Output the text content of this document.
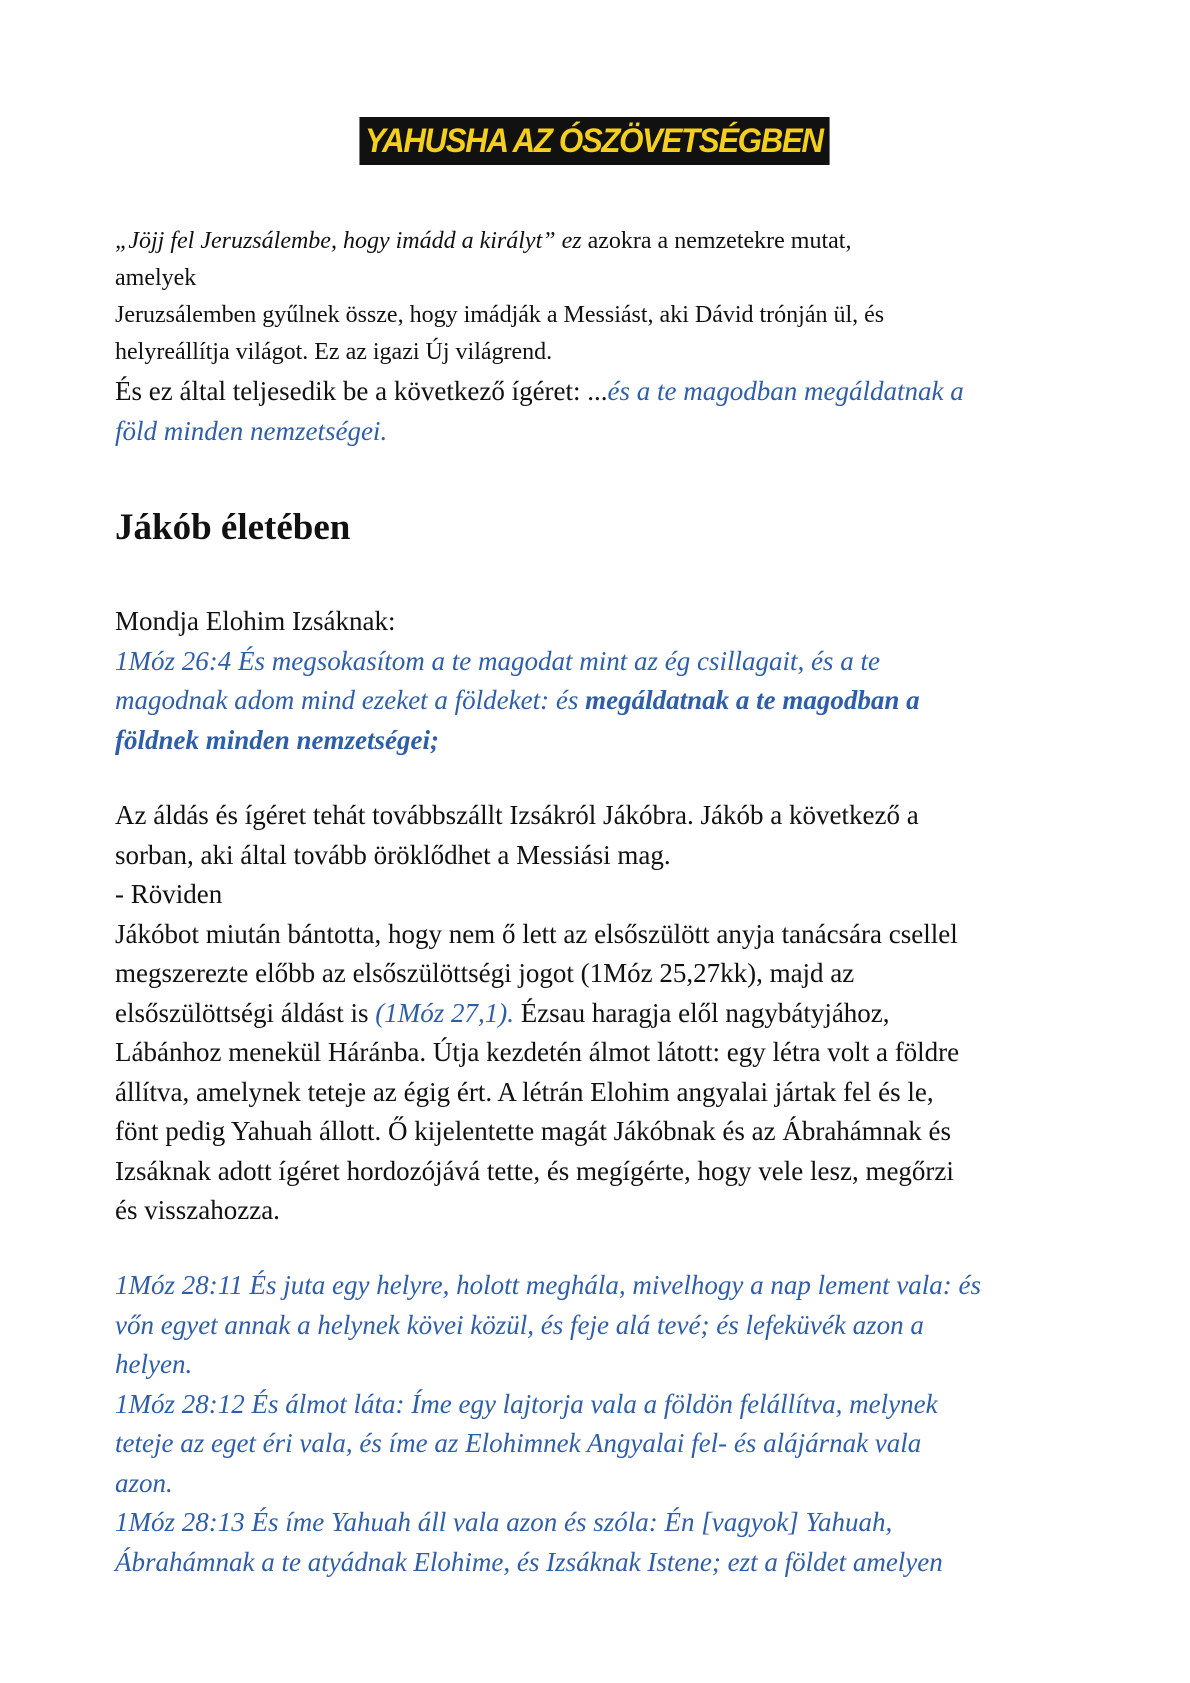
YAHUSHA AZ ÓSZÖVETSÉGBEN
„Jöjj fel Jeruzsálembe, hogy imádd a királyt” ez azokra a nemzetekre mutat,
amelyek
Jeruzsálemben gyűlnek össze, hogy imádják a Messiást, aki Dávid trónján ül, és
helyreállítja világot. Ez az igazi Új világrend.
És ez által teljesedik be a következő ígéret: ...és a te magodban megáldatnak a
föld minden nemzetségei.
Jákób életében
Mondja Elohim Izsáknak:
1Móz 26:4 És megsokasítom a te magodat mint az ég csillagait, és a te
magodnak adom mind ezeket a földeket: és megáldatnak a te magodban a
földnek minden nemzetségei;
Az áldás és ígéret tehát továbbszállt Izsákról Jákóbra. Jákób a következő a
sorban, aki által tovább öröklődhet a Messiási mag.
- Röviden
Jákóbot miután bántotta, hogy nem ő lett az elsőszülött anyja tanácsára csellel
megszerezte előbb az elsőszülöttségi jogot (1Móz 25,27kk), majd az
elsőszülöttségi áldást is (1Móz 27,1). Ézsau haragja elől nagybátyjához,
Lábánhoz menekül Háránba. Útja kezdetén álmot látott: egy létra volt a földre
állítva, amelynek teteje az égig ért. A létrán Elohim angyalai jártak fel és le,
fönt pedig Yahuah állott. Ő kijelentette magát Jákóbnak és az Ábrahámnak és
Izsáknak adott ígéret hordozójává tette, és megígérte, hogy vele lesz, megőrzi
és visszahozza.
1Móz 28:11 És juta egy helyre, holott meghála, mivelhogy a nap lement vala: és
vőn egyet annak a helynek kövei közül, és feje alá tevé; és lefeküvék azon a
helyen.
1Móz 28:12 És álmot láta: Íme egy lajtorja vala a földön felállítva, melynek
teteje az eget éri vala, és íme az Elohimnek Angyalai fel- és alájárnak vala
azon.
1Móz 28:13 És íme Yahuah áll vala azon és szóla: Én [vagyok] Yahuah,
Ábrahámnak a te atyádnak Elohime, és Izsáknak Istene; ezt a földet amelyen
